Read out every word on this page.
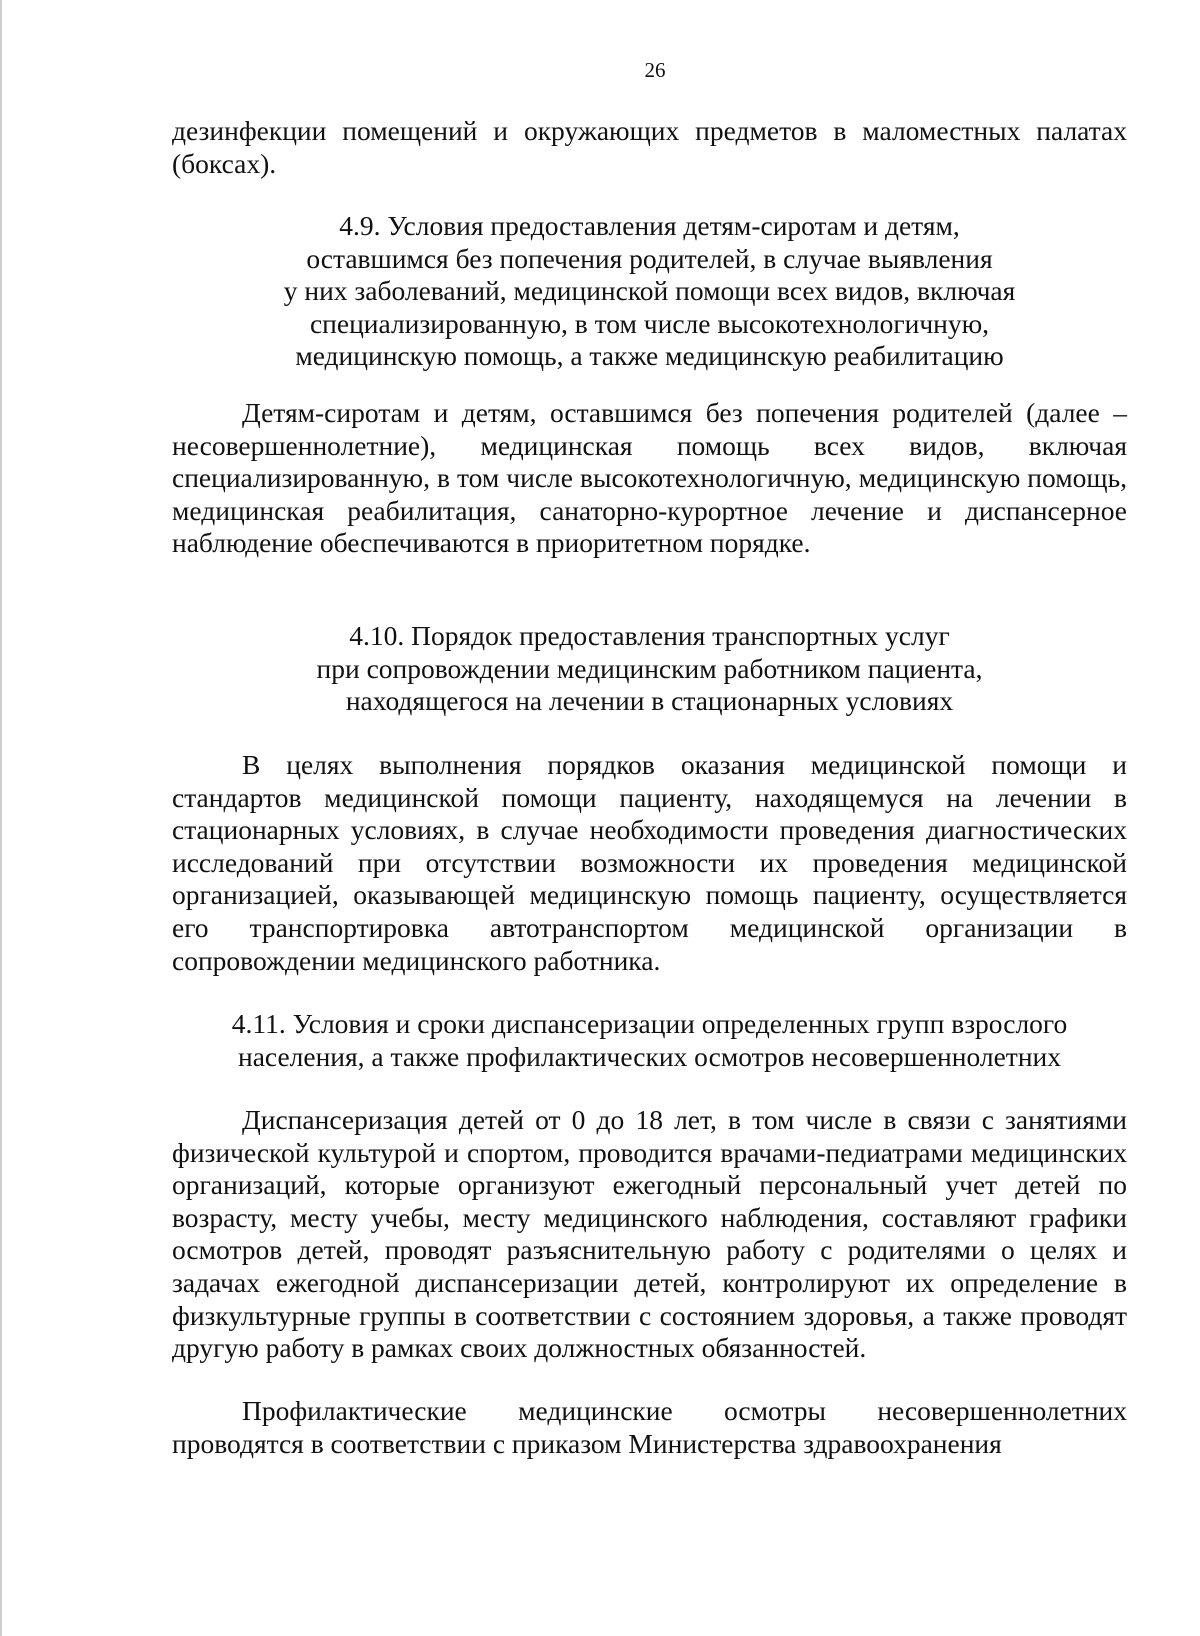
26

дезинфекции помещений и окружающих предметов в маломестных палатах (боксах).

4.9. Условия предоставления детям-сиротам и детям,
оставшимся без попечения родителей, в случае выявления
у них заболеваний, медицинской помощи всех видов, включая
специализированную, в том числе высокотехнологичную,
медицинскую помощь, а также медицинскую реабилитацию

Детям-сиротам и детям, оставшимся без попечения родителей (далее – несовершеннолетние), медицинская помощь всех видов, включая специализированную, в том числе высокотехнологичную, медицинскую помощь, медицинская реабилитация, санаторно-курортное лечение и диспансерное наблюдение обеспечиваются в приоритетном порядке.

4.10. Порядок предоставления транспортных услуг
при сопровождении медицинским работником пациента,
находящегося на лечении в стационарных условиях

В целях выполнения порядков оказания медицинской помощи и стандартов медицинской помощи пациенту, находящемуся на лечении в стационарных условиях, в случае необходимости проведения диагностических исследований при отсутствии возможности их проведения медицинской организацией, оказывающей медицинскую помощь пациенту, осуществляется его транспортировка автотранспортом медицинской организации в сопровождении медицинского работника.

4.11. Условия и сроки диспансеризации определенных групп взрослого
населения, а также профилактических осмотров несовершеннолетних

Диспансеризация детей от 0 до 18 лет, в том числе в связи с занятиями физической культурой и спортом, проводится врачами-педиатрами медицинских организаций, которые организуют ежегодный персональный учет детей по возрасту, месту учебы, месту медицинского наблюдения, составляют графики осмотров детей, проводят разъяснительную работу с родителями о целях и задачах ежегодной диспансеризации детей, контролируют их определение в физкультурные группы в соответствии с состоянием здоровья, а также проводят другую работу в рамках своих должностных обязанностей.

Профилактические медицинские осмотры несовершеннолетних проводятся в соответствии с приказом Министерства здравоохранения
